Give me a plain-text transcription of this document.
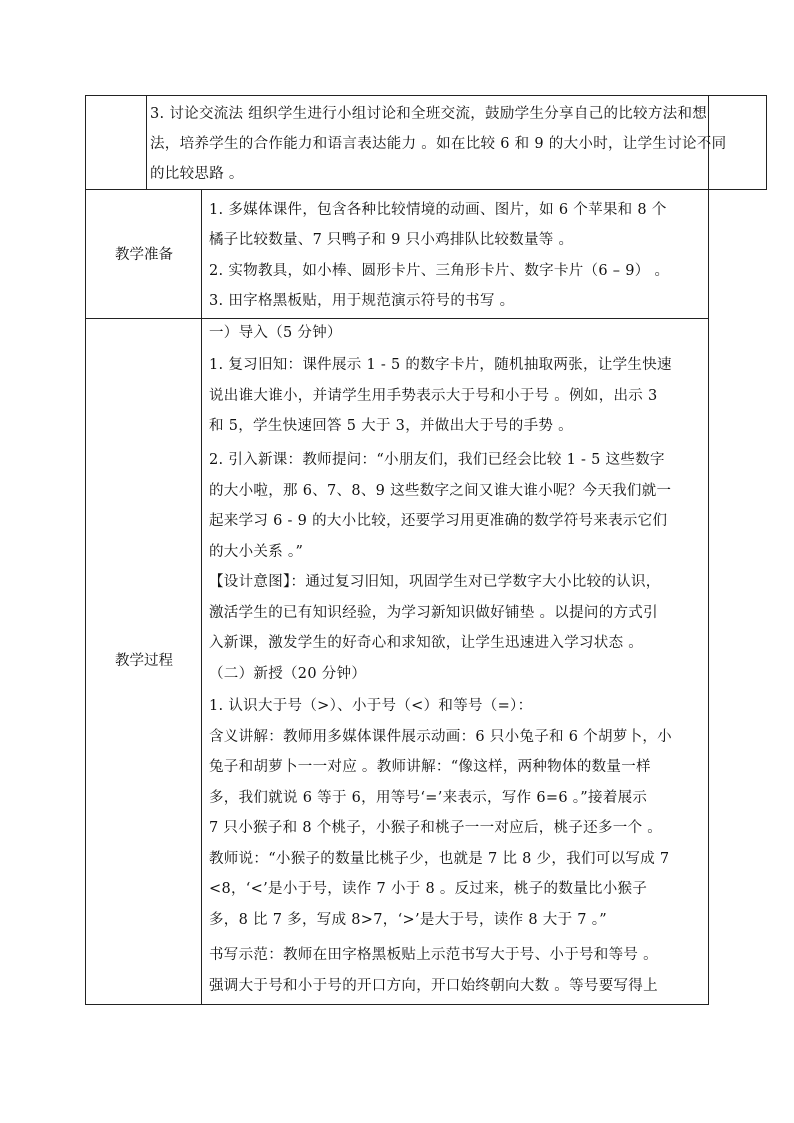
3. 讨论交流法 组织学生进行小组讨论和全班交流，鼓励学生分享自己的比较方法和想
法，培养学生的合作能力和语言表达能力 。如在比较 6 和 9 的大小时，让学生讨论不同
的比较思路 。
教学准备
1. 多媒体课件，包含各种比较情境的动画、图片，如 6 个苹果和 8 个
橘子比较数量、7 只鸭子和 9 只小鸡排队比较数量等 。
2. 实物教具，如小棒、圆形卡片、三角形卡片、数字卡片（6 – 9） 。
3. 田字格黑板贴，用于规范演示符号的书写 。
教学过程
一）导入（5 分钟）
1. 复习旧知：课件展示 1 - 5 的数字卡片，随机抽取两张，让学生快速
说出谁大谁小，并请学生用手势表示大于号和小于号 。例如，出示 3
和 5，学生快速回答 5 大于 3，并做出大于号的手势 。
2. 引入新课：教师提问：“小朋友们，我们已经会比较 1 - 5 这些数字
的大小啦，那 6、7、8、9 这些数字之间又谁大谁小呢？今天我们就一
起来学习 6 - 9 的大小比较，还要学习用更准确的数学符号来表示它们
的大小关系 。”
【设计意图】：通过复习旧知，巩固学生对已学数字大小比较的认识，
激活学生的已有知识经验，为学习新知识做好铺垫 。以提问的方式引
入新课，激发学生的好奇心和求知欲，让学生迅速进入学习状态 。
（二）新授（20 分钟）
1. 认识大于号（>）、小于号（<）和等号（=）：
含义讲解：教师用多媒体课件展示动画：6 只小兔子和 6 个胡萝卜，小
兔子和胡萝卜一一对应 。教师讲解：“像这样，两种物体的数量一样
多，我们就说 6 等于 6，用等号‘=’来表示，写作 6=6 。”接着展示
7 只小猴子和 8 个桃子，小猴子和桃子一一对应后，桃子还多一个 。
教师说：“小猴子的数量比桃子少，也就是 7 比 8 少，我们可以写成 7
<8，‘<’是小于号，读作 7 小于 8 。反过来，桃子的数量比小猴子
多，8 比 7 多，写成 8>7，‘>’是大于号，读作 8 大于 7 。”
书写示范：教师在田字格黑板贴上示范书写大于号、小于号和等号 。
强调大于号和小于号的开口方向，开口始终朝向大数 。等号要写得上
